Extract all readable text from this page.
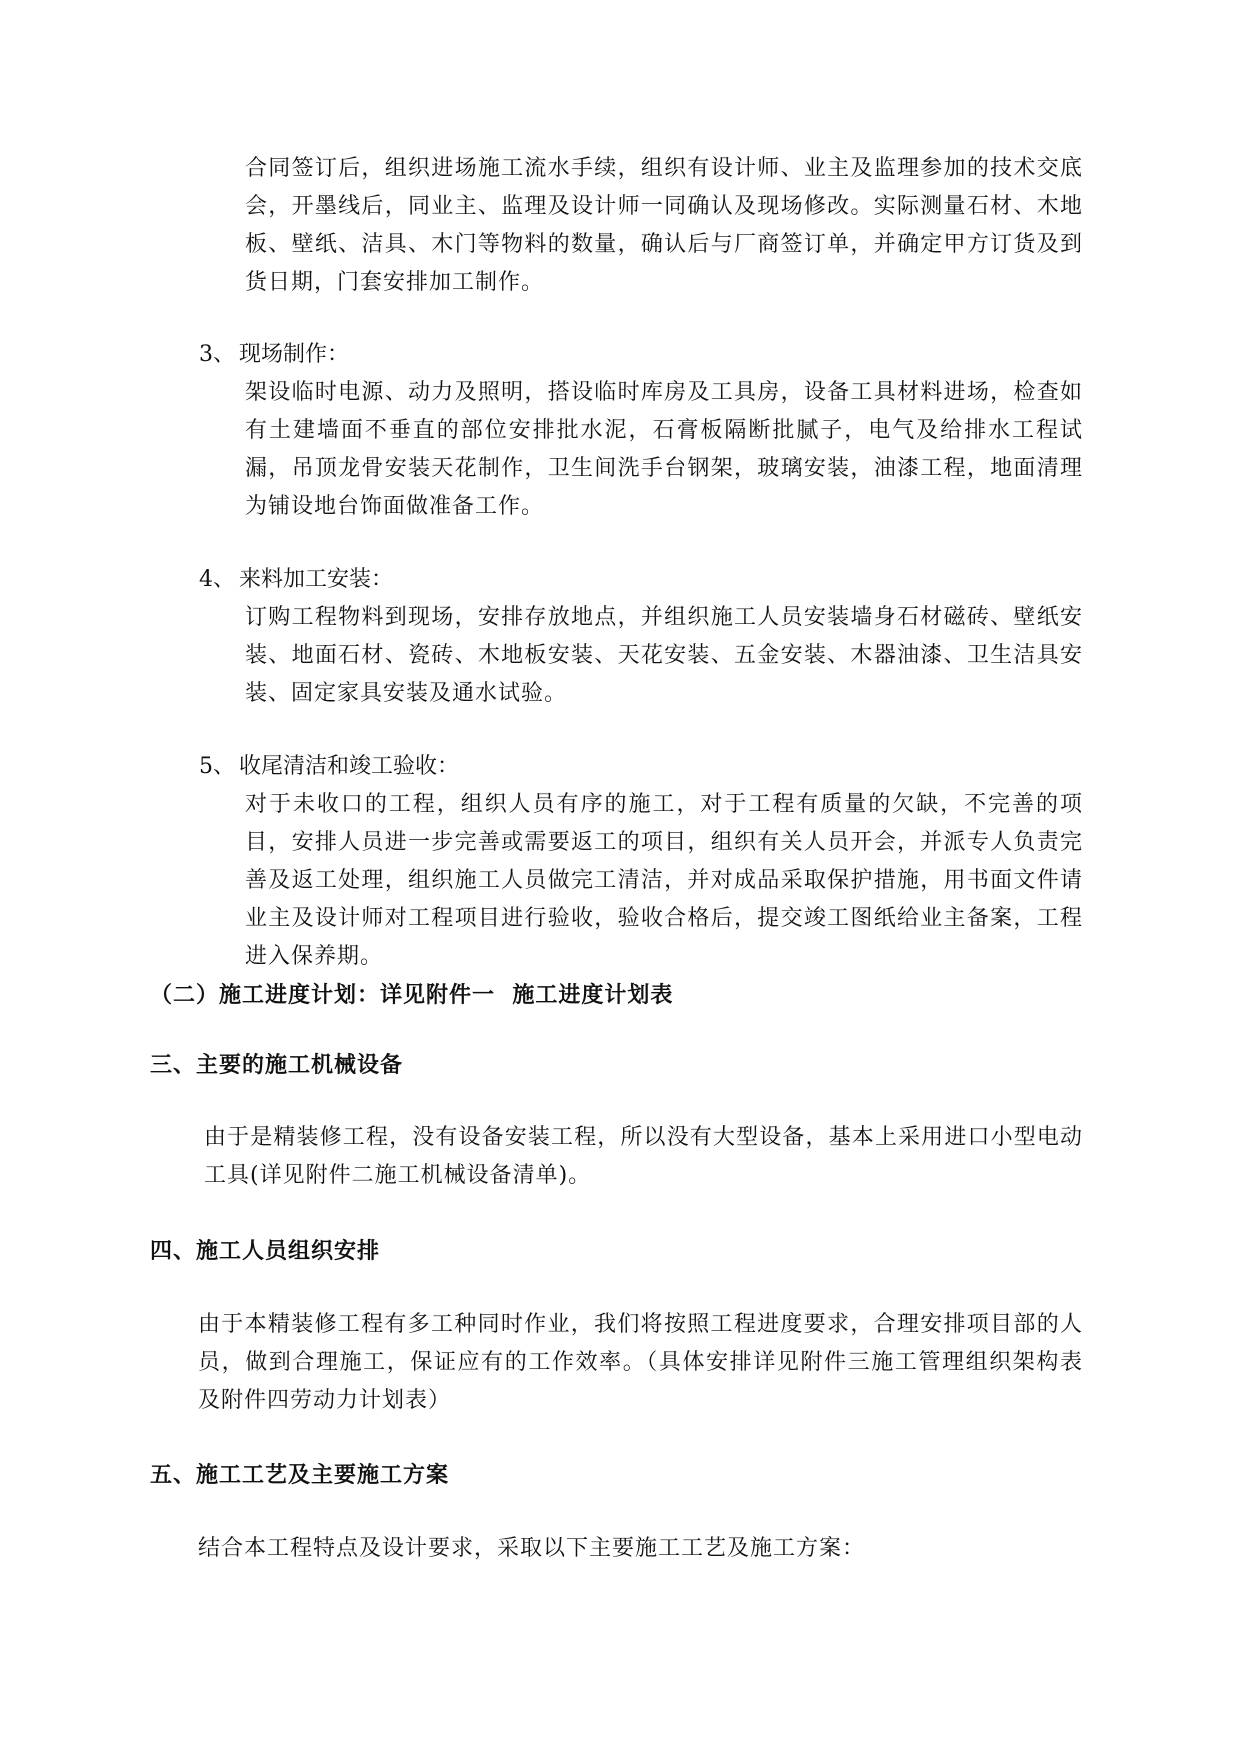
合同签订后，组织进场施工流水手续，组织有设计师、业主及监理参加的技术交底会，开墨线后，同业主、监理及设计师一同确认及现场修改。实际测量石材、木地板、壁纸、洁具、木门等物料的数量，确认后与厂商签订单，并确定甲方订货及到货日期，门套安排加工制作。
3、 现场制作：
架设临时电源、动力及照明，搭设临时库房及工具房，设备工具材料进场，检查如有土建墙面不垂直的部位安排批水泥，石膏板隔断批腻子，电气及给排水工程试漏，吊顶龙骨安装天花制作，卫生间洗手台钢架，玻璃安装，油漆工程，地面清理为铺设地台饰面做准备工作。
4、 来料加工安装：
订购工程物料到现场，安排存放地点，并组织施工人员安装墙身石材磁砖、壁纸安装、地面石材、瓷砖、木地板安装、天花安装、五金安装、木器油漆、卫生洁具安装、固定家具安装及通水试验。
5、 收尾清洁和竣工验收：
对于未收口的工程，组织人员有序的施工，对于工程有质量的欠缺，不完善的项目，安排人员进一步完善或需要返工的项目，组织有关人员开会，并派专人负责完善及返工处理，组织施工人员做完工清洁，并对成品采取保护措施，用书面文件请业主及设计师对工程项目进行验收，验收合格后，提交竣工图纸给业主备案，工程进入保养期。
（二）施工进度计划：详见附件一  施工进度计划表
三、主要的施工机械设备
由于是精装修工程，没有设备安装工程，所以没有大型设备，基本上采用进口小型电动工具(详见附件二施工机械设备清单)。
四、施工人员组织安排
由于本精装修工程有多工种同时作业，我们将按照工程进度要求，合理安排项目部的人员，做到合理施工，保证应有的工作效率。（具体安排详见附件三施工管理组织架构表及附件四劳动力计划表）
五、施工工艺及主要施工方案
结合本工程特点及设计要求，采取以下主要施工工艺及施工方案：
